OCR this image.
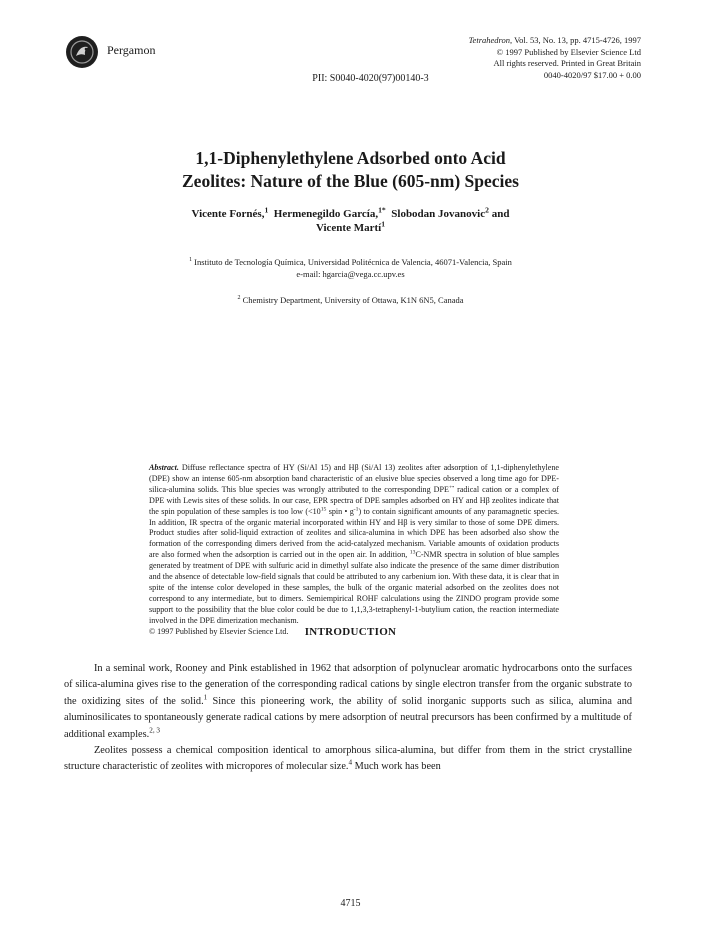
Pergamon
Tetrahedron, Vol. 53, No. 13, pp. 4715-4726, 1997
© 1997 Published by Elsevier Science Ltd
All rights reserved. Printed in Great Britain
0040-4020/97 $17.00 + 0.00
PII: S0040-4020(97)00140-3
1,1-Diphenylethylene Adsorbed onto Acid
Zeolites: Nature of the Blue (605-nm) Species
Vicente Fornés,$^1$ Hermenegildo García,$^{1*}$ Slobodan Jovanovic$^2$ and
Vicente Martí$^1$
$^1$ Instituto de Tecnología Química, Universidad Politécnica de Valencia, 46071-Valencia, Spain
e-mail: hgarcia@vega.cc.upv.es
$^2$ Chemistry Department, University of Ottawa, K1N 6N5, Canada
Abstract. Diffuse reflectance spectra of HY (Si/Al 15) and Hβ (Si/Al 13) zeolites after adsorption of 1,1-diphenylethylene (DPE) show an intense 605-nm absorption band characteristic of an elusive blue species observed a long time ago for DPE-silica-alumina solids. This blue species was wrongly attributed to the corresponding DPE+• radical cation or a complex of DPE with Lewis sites of these solids. In our case, EPR spectra of DPE samples adsorbed on HY and Hβ zeolites indicate that the spin population of these samples is too low ($<10^{15}$ spin • $g^{-1}$) to contain significant amounts of any paramagnetic species. In addition, IR spectra of the organic material incorporated within HY and Hβ is very similar to those of some DPE dimers. Product studies after solid-liquid extraction of zeolites and silica-alumina in which DPE has been adsorbed also show the formation of the corresponding dimers derived from the acid-catalyzed mechanism. Variable amounts of oxidation products are also formed when the adsorption is carried out in the open air. In addition, $^{13}$C-NMR spectra in solution of blue samples generated by treatment of DPE with sulfuric acid in dimethyl sulfate also indicate the presence of the same dimer distribution and the absence of detectable low-field signals that could be attributed to any carbenium ion. With these data, it is clear that in spite of the intense color developed in these samples, the bulk of the organic material adsorbed on the zeolites does not correspond to any intermediate, but to dimers. Semiempirical ROHF calculations using the ZINDO program provide some support to the possibility that the blue color could be due to 1,1,3,3-tetraphenyl-1-butylium cation, the reaction intermediate involved in the DPE dimerization mechanism.
© 1997 Published by Elsevier Science Ltd.	INTRODUCTION

In a seminal work, Rooney and Pink established in 1962 that adsorption of polynuclear aromatic hydrocarbons onto the surfaces of silica-alumina gives rise to the generation of the corresponding radical cations by single electron transfer from the organic substrate to the oxidizing sites of the solid.$^1$ Since this pioneering work, the ability of solid inorganic supports such as silica, alumina and aluminosilicates to spontaneously generate radical cations by mere adsorption of neutral precursors has been confirmed by a multitude of additional examples.$^{2, 3}$

Zeolites possess a chemical composition identical to amorphous silica-alumina, but differ from them in the strict crystalline structure characteristic of zeolites with micropores of molecular size.$^4$ Much work has been

4715
